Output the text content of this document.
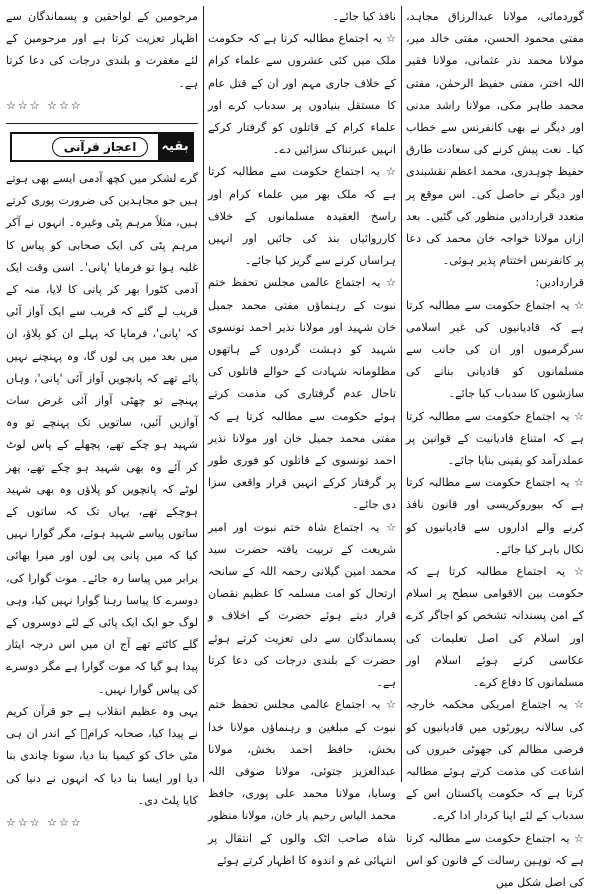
گوردمائی، مولانا عبدالرزاق مجاہد، مفتی محمود الحسن، مفتی خالد میر، مولانا محمد نذر عثمانی، مولانا فقیر اللہ اختر، مفتی حفیظ الرحمٰن، مفتی محمد طاہر مکی، مولانا راشد مدنی اور دیگر نے بھی کانفرنس سے خطاب کیا۔ نعت پیش کرنے کی سعادت طارق حفیظ چوہدری، محمد اعظم نقشبندی اور دیگر نے حاصل کی۔ اس موقع پر متعدد قراردادیں منظور کی گئیں۔ بعد ازاں مولانا خواجہ خان محمد کی دعا پر کانفرنس اختتام پذیر ہوئی۔

قراردادیں:

☆ یہ اجتماع حکومت سے مطالبہ کرتا ہے کہ قادیانیوں کی غیر اسلامی سرگرمیوں اور ان کی جانب سے مسلمانوں کو قادیانی بنانے کی سازشوں کا سدباب کیا جائے۔

☆ یہ اجتماع حکومت سے مطالبہ کرتا ہے کہ امتناع قادیانیت کے قوانین پر عملدرآمد کو یقینی بنایا جائے۔

☆ یہ اجتماع حکومت سے مطالبہ کرتا ہے کہ بیوروکریسی اور قانون نافذ کرنے والے اداروں سے قادیانیوں کو نکال باہر کیا جائے۔

☆ یہ اجتماع مطالبہ کرتا ہے کہ حکومت بین الاقوامی سطح پر اسلام کے امن پسندانہ تشخص کو اجاگر کرے اور اسلام کی اصل تعلیمات کی عکاسی کرتے ہوئے اسلام اور مسلمانوں کا دفاع کرے۔

☆ یہ اجتماع امریکی محکمہ خارجہ کی سالانہ رپورٹوں میں قادیانیوں کو فرضی مظالم کی جھوٹی خبروں کی اشاعت کی مذمت کرتے ہوئے مطالبہ کرتا ہے کہ حکومت پاکستان اس کے سدباب کے لئے اپنا کردار ادا کرے۔

☆ یہ اجتماع حکومت سے مطالبہ کرتا ہے کہ توہین رسالت کے قانون کو اس کی اصل شکل میں

نافذ کیا جائے۔

☆ یہ اجتماع مطالبہ کرتا ہے کہ حکومت ملک میں کئی عشروں سے علماء کرام کے خلاف جاری مہم اور ان کے قتل عام کا مستقل بنیادوں پر سدباب کرے اور علماء کرام کے قاتلوں کو گرفتار کرکے انہیں عبرتناک سزائیں دے۔

☆ یہ اجتماع حکومت سے مطالبہ کرتا ہے کہ ملک بھر میں علماء کرام اور راسخ العقیدہ مسلمانوں کے خلاف کارروائیاں بند کی جائیں اور انہیں ہراساں کرنے سے گریز کیا جائے۔

☆ یہ اجتماع عالمی مجلس تحفظ ختم نبوت کے رہنماؤں مفتی محمد جمیل خان شہید اور مولانا نذیر احمد تونسوی شہید کو دہشت گردوں کے ہاتھوں مظلومانہ شہادت کے حوالے قاتلوں کی تاحال عدم گرفتاری کی مذمت کرتے ہوئے حکومت سے مطالبہ کرتا ہے کہ مفتی محمد جمیل خان اور مولانا نذیر احمد تونسوی کے قاتلوں کو فوری طور پر گرفتار کرکے انہیں قرار واقعی سزا دی جائے۔

☆ یہ اجتماع شاہ ختم نبوت اور امیر شریعت کے تربیت یافتہ حضرت سید محمد امین گیلانی رحمہ اللہ کے سانحہ ارتحال کو امت مسلمہ کا عظیم نقصان قرار دیتے ہوئے حضرت کے اخلاف و پسماندگان سے دلی تعزیت کرتے ہوئے حضرت کے بلندی درجات کی دعا کرتا ہے۔

☆ یہ اجتماع عالمی مجلس تحفظ ختم نبوت کے مبلغین و رہنماؤں مولانا خدا بخش، حافظ احمد بخش، مولانا عبدالعزیز جتوئی، مولانا صوفی اللہ وسایا، مولانا محمد علی پوری، حافظ محمد الیاس رحیم یار خان، مولانا منظور شاہ صاحب اٹک والوں کے انتقال پر انتہائی غم و اندوہ کا اظہار کرتے ہوئے

مرحومین کے لواحقین و پسماندگان سے اظہار تعزیت کرتا ہے اور مرحومین کے لئے مغفرت و بلندی درجات کی دعا کرتا ہے۔

☆☆☆ ☆☆☆

بقیہ
اعجاز قرآنی

گرے لشکر میں کچھ آدمی ایسے بھی ہوتے ہیں جو مجاہدین کی ضرورت پوری کرتے ہیں، مثلاً مرہم پٹی وغیرہ۔ انہوں نے آکر مرہم پٹی کی ایک صحابی کو پیاس کا غلبہ ہوا تو فرمایا 'پانی'۔ اسی وقت ایک آدمی کٹورا بھر کر پانی کا لایا، منہ کے قریب لے گئے کہ قریب سے ایک آواز آئی کہ 'پانی'، فرمایا کہ پہلے ان کو پلاؤ، ان میں بعد میں پی لوں گا، وہ پہنچنے نہیں پائے تھے کہ پانچویں آواز آئی 'پانی'، وہاں پہنچے تو چھٹی آواز آئی غرض سات آوازیں آئیں، ساتویں تک پہنچے تو وہ شہید ہو چکے تھے، پچھلے کے پاس لوٹ کر آئے وہ بھی شہید ہو چکے تھے، پھر لوٹے کہ پانچویں کو پلاؤں وہ بھی شہید ہوچکے تھے، یہاں تک کہ ساتوں کے ساتوں پیاسے شہید ہوئے، مگر گوارا نہیں کیا کہ میں پانی پی لوں اور میرا بھائی برابر میں پیاسا رہ جائے۔ موت گوارا کی، دوسرے کا پیاسا رہنا گوارا نہیں کیا، وہی لوگ جو ایک ایک پائی کے لئے دوسروں کے گلے کاٹتے تھے آج ان میں اس درجہ ایثار پیدا ہو گیا کہ موت گوارا ہے مگر دوسرے کی پیاس گوارا نہیں۔

یہی وہ عظیم انقلاب ہے جو قرآن کریم نے پیدا کیا، صحابہ کرامؓ کے اندر ان ہی مٹی خاک کو کیمیا بنا دیا، سونا چاندی بنا دیا اور ایسا بنا دیا کہ انہوں نے دنیا کی کایا پلٹ دی۔

☆☆☆ ☆☆☆
